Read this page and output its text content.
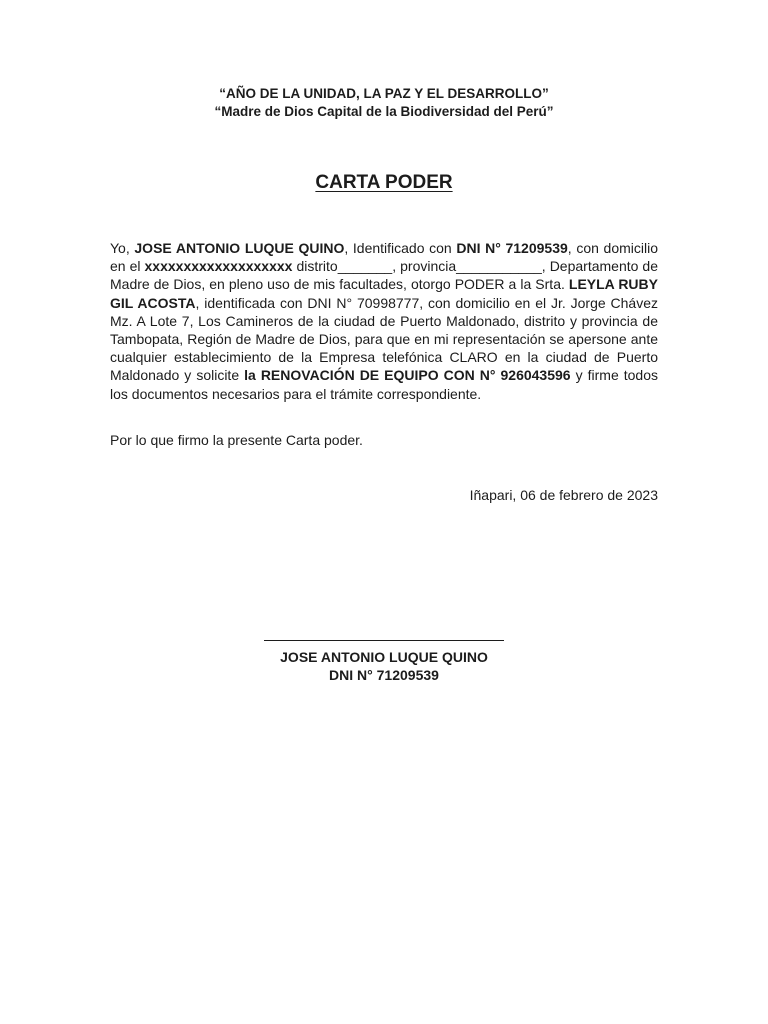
“AÑO DE LA UNIDAD, LA PAZ Y EL DESARROLLO”
“Madre de Dios Capital de la Biodiversidad del Perú”
CARTA PODER

Yo, JOSE ANTONIO LUQUE QUINO, Identificado con DNI N° 71209539, con domicilio en el xxxxxxxxxxxxxxxxxxx distrito_______, provincia___________, Departamento de Madre de Dios, en pleno uso de mis facultades, otorgo PODER a la Srta. LEYLA RUBY GIL ACOSTA, identificada con DNI N° 70998777, con domicilio en el Jr. Jorge Chávez Mz. A Lote 7, Los Camineros de la ciudad de Puerto Maldonado, distrito y provincia de Tambopata, Región de Madre de Dios, para que en mi representación se apersone ante cualquier establecimiento de la Empresa telefónica CLARO en la ciudad de Puerto Maldonado y solicite la RENOVACIÓN DE EQUIPO CON N° 926043596 y firme todos los documentos necesarios para el trámite correspondiente.

Por lo que firmo la presente Carta poder.

Iñapari, 06 de febrero de 2023
JOSE ANTONIO LUQUE QUINO
DNI N° 71209539
